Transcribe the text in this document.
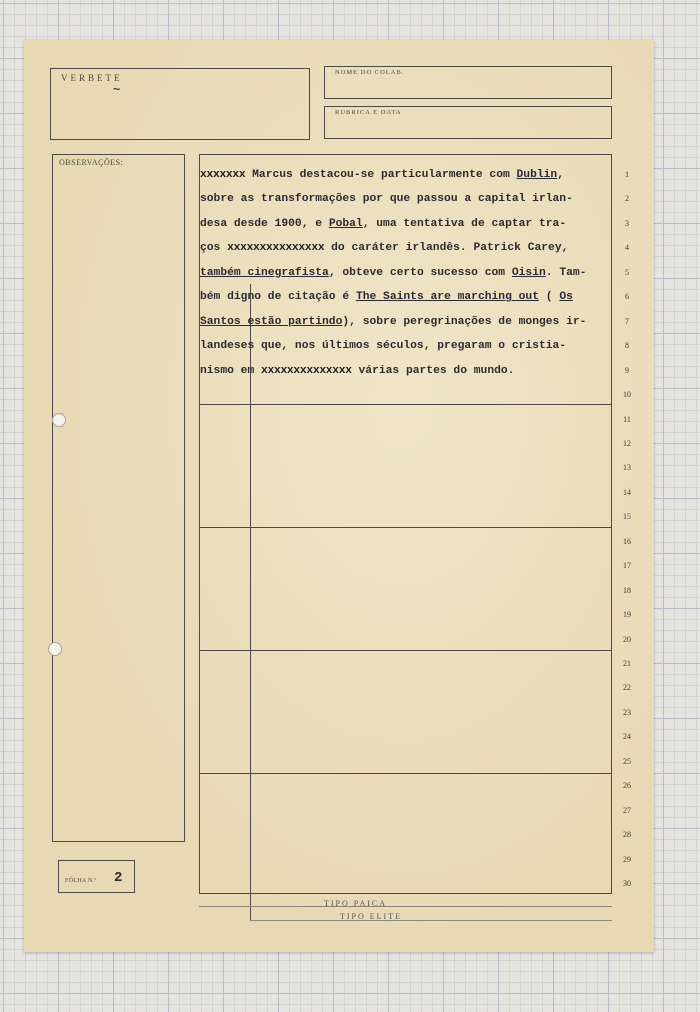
VERBETE
~
NOME DO COLAB.
RUBRICA E DATA
OBSERVAÇÕES:
FÔLHA N.º 2
TIPO PAICA
TIPO ELITE
1
2
3
4
5
6
7
8
9
10
11
12
13
14
15
16
17
18
19
20
21
22
23
24
25
26
27
28
29
30
xxxxxxx Marcus destacou-se particularmente com Dublin,
sobre as transformações por que passou a capital irlan-
desa desde 1900, e Pobal, uma tentativa de captar tra-
ços xxxxxxxxxxxxxxx do caráter irlandês. Patrick Carey,
também cinegrafista, obteve certo sucesso com Oisin. Tam-
bém digno de citação é The Saints are marching out ( Os
Santos estão partindo), sobre peregrinações de monges ir-
landeses que, nos últimos séculos, pregaram o cristia-
nismo em xxxxxxxxxxxxxx várias partes do mundo.
